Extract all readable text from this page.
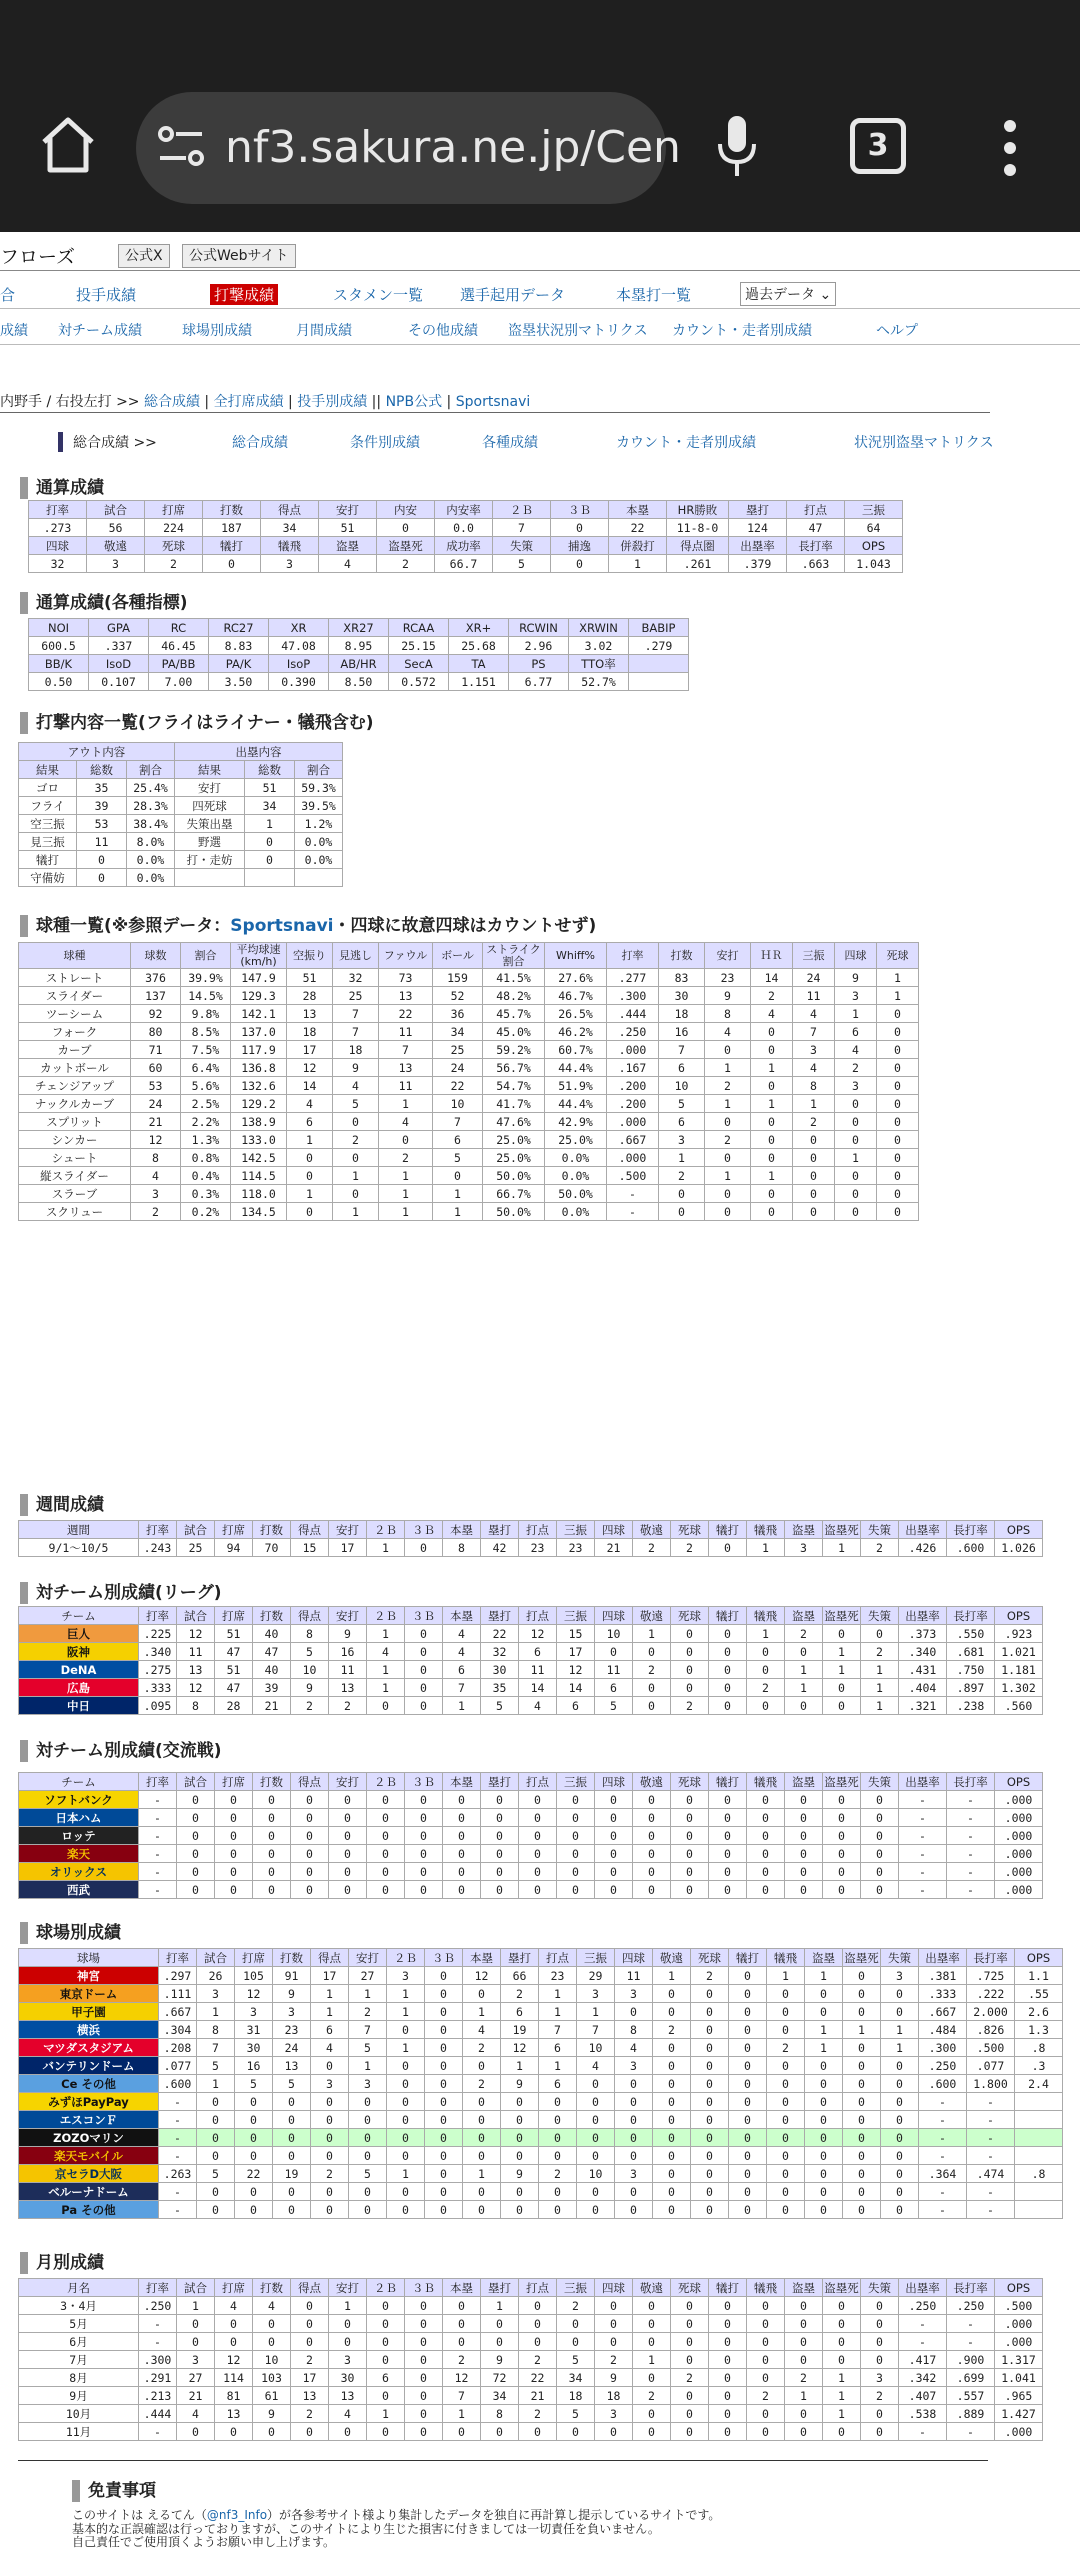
nf3.sakura.ne.jp/Cen	3
フローズ	公式X	公式Webサイト
内野手 / 右投左打 >> 総合成績 | 全打席成績 | 投手別成績 || NPB公式 | Sportsnavi
免責事項
このサイトは えるてん（@nf3_Info）が各参考サイト様より集計したデータを独自に再計算し提示しているサイトです。
基本的な正誤確認は行っておりますが、このサイトにより生じた損害に付きましては一切責任を負いません。
自己責任でご使用頂くようお願い申し上げます。
合	投手成績	打撃成績	スタメン一覧 選手起用データ	本塁打一覧	過去データ ⌄
成績 対チーム成績	球場別成績	月間成績	その他成績 盗塁状況別マトリクス カウント・走者別成績	ヘルプ
総合成績 >>	総合成績	条件別成績	各種成績	カウント・走者別成績	状況別盗塁マトリクス
通算成績
打率	試合	打席	打数	得点	安打	内安	内安率	２Ｂ	３Ｂ	本塁	HR勝敗	塁打	打点	三振
.273	56	224	187	34	51	0	0.0	7	0	22	11-8-0	124	47	64
四球	敬遠	死球	犠打	犠飛	盗塁	盗塁死	成功率	失策	捕逸	併殺打	得点圏	出塁率	長打率	OPS
32	3	2	0	3	4	2	66.7	5	0	1	.261	.379	.663	1.043
通算成績(各種指標)
NOI	GPA	RC	RC27	XR	XR27	RCAA	XR+	RCWIN	XRWIN	BABIP
600.5	.337	46.45	8.83	47.08	8.95	25.15	25.68	2.96	3.02	.279
BB/K	IsoD	PA/BB	PA/K	IsoP	AB/HR	SecA	TA	PS	TTO率	
0.50	0.107	7.00	3.50	0.390	8.50	0.572	1.151	6.77	52.7%	
打撃内容一覧(フライはライナー・犠飛含む)
アウト内容			出塁内容		
結果	総数	割合	結果	総数	割合
ゴロ	35	25.4%	安打	51	59.3%
フライ	39	28.3%	四死球	34	39.5%
空三振	53	38.4%	失策出塁	1	1.2%
見三振	11	8.0%	野選	0	0.0%
犠打	0	0.0%	打・走妨	0	0.0%
守備妨	0	0.0%			
球種一覧(※参照データ：Sportsnavi・四球に故意四球はカウントせず)
球種	球数	割合	平均球速(km/h)	空振り	見逃し	ファウル	ボール	ストライク割合	Whiff%	打率	打数	安打	ＨＲ	三振	四球	死球
ストレート	376	39.9%	147.9	51	32	73	159	41.5%	27.6%	.277	83	23	14	24	9	1
スライダー	137	14.5%	129.3	28	25	13	52	48.2%	46.7%	.300	30	9	2	11	3	1
ツーシーム	92	9.8%	142.1	13	7	22	36	45.7%	26.5%	.444	18	8	4	4	1	0
フォーク	80	8.5%	137.0	18	7	11	34	45.0%	46.2%	.250	16	4	0	7	6	0
カーブ	71	7.5%	117.9	17	18	7	25	59.2%	60.7%	.000	7	0	0	3	4	0
カットボール	60	6.4%	136.8	12	9	13	24	56.7%	44.4%	.167	6	1	1	4	2	0
チェンジアップ	53	5.6%	132.6	14	4	11	22	54.7%	51.9%	.200	10	2	0	8	3	0
ナックルカーブ	24	2.5%	129.2	4	5	1	10	41.7%	44.4%	.200	5	1	1	1	0	0
スプリット	21	2.2%	138.9	6	0	4	7	47.6%	42.9%	.000	6	0	0	2	0	0
シンカー	12	1.3%	133.0	1	2	0	6	25.0%	25.0%	.667	3	2	0	0	0	0
シュート	8	0.8%	142.5	0	0	2	5	25.0%	0.0%	.000	1	0	0	0	1	0
縦スライダー	4	0.4%	114.5	0	1	1	0	50.0%	0.0%	.500	2	1	1	0	0	0
スラーブ	3	0.3%	118.0	1	0	1	1	66.7%	50.0%	-	0	0	0	0	0	0
スクリュー	2	0.2%	134.5	0	1	1	1	50.0%	0.0%	-	0	0	0	0	0	0
週間成績
週間	打率	試合	打席	打数	得点	安打	２Ｂ	３Ｂ	本塁	塁打	打点	三振	四球	敬遠	死球	犠打	犠飛	盗塁	盗塁死	失策	出塁率	長打率	OPS
9/1〜10/5	.243	25	94	70	15	17	1	0	8	42	23	23	21	2	2	0	1	3	1	2	.426	.600	1.026
対チーム別成績(リーグ)
チーム	打率	試合	打席	打数	得点	安打	２Ｂ	３Ｂ	本塁	塁打	打点	三振	四球	敬遠	死球	犠打	犠飛	盗塁	盗塁死	失策	出塁率	長打率	OPS
巨人	.225	12	51	40	8	9	1	0	4	22	12	15	10	1	0	0	1	2	0	0	.373	.550	.923
阪神	.340	11	47	47	5	16	4	0	4	32	6	17	0	0	0	0	0	0	1	2	.340	.681	1.021
DeNA	.275	13	51	40	10	11	1	0	6	30	11	12	11	2	0	0	0	1	1	1	.431	.750	1.181
広島	.333	12	47	39	9	13	1	0	7	35	14	14	6	0	0	0	2	1	0	1	.404	.897	1.302
中日	.095	8	28	21	2	2	0	0	1	5	4	6	5	0	2	0	0	0	0	1	.321	.238	.560
対チーム別成績(交流戦)
チーム	打率	試合	打席	打数	得点	安打	２Ｂ	３Ｂ	本塁	塁打	打点	三振	四球	敬遠	死球	犠打	犠飛	盗塁	盗塁死	失策	出塁率	長打率	OPS
ソフトバンク	-	0	0	0	0	0	0	0	0	0	0	0	0	0	0	0	0	0	0	0	-	-	.000
日本ハム	-	0	0	0	0	0	0	0	0	0	0	0	0	0	0	0	0	0	0	0	-	-	.000
ロッテ	-	0	0	0	0	0	0	0	0	0	0	0	0	0	0	0	0	0	0	0	-	-	.000
楽天	-	0	0	0	0	0	0	0	0	0	0	0	0	0	0	0	0	0	0	0	-	-	.000
オリックス	-	0	0	0	0	0	0	0	0	0	0	0	0	0	0	0	0	0	0	0	-	-	.000
西武	-	0	0	0	0	0	0	0	0	0	0	0	0	0	0	0	0	0	0	0	-	-	.000
球場別成績
球場	打率	試合	打席	打数	得点	安打	２Ｂ	３Ｂ	本塁	塁打	打点	三振	四球	敬遠	死球	犠打	犠飛	盗塁	盗塁死	失策	出塁率	長打率	OPS
神宮	.297	26	105	91	17	27	3	0	12	66	23	29	11	1	2	0	1	1	0	3	.381	.725	1.1
東京ドーム	.111	3	12	9	1	1	1	0	0	2	1	3	3	0	0	0	0	0	0	0	.333	.222	.55
甲子園	.667	1	3	3	1	2	1	0	1	6	1	1	0	0	0	0	0	0	0	0	.667	2.000	2.6
横浜	.304	8	31	23	6	7	0	0	4	19	7	7	8	2	0	0	0	1	1	1	.484	.826	1.3
マツダスタジアム	.208	7	30	24	4	5	1	0	2	12	6	10	4	0	0	0	2	1	0	1	.300	.500	.8
バンテリンドーム	.077	5	16	13	0	1	0	0	0	1	1	4	3	0	0	0	0	0	0	0	.250	.077	.3
Ce その他	.600	1	5	5	3	3	0	0	2	9	6	0	0	0	0	0	0	0	0	0	.600	1.800	2.4
みずほPayPay	-	0	0	0	0	0	0	0	0	0	0	0	0	0	0	0	0	0	0	0	-	-	
エスコンＦ	-	0	0	0	0	0	0	0	0	0	0	0	0	0	0	0	0	0	0	0	-	-	
ZOZOマリン	-	0	0	0	0	0	0	0	0	0	0	0	0	0	0	0	0	0	0	0	-	-	
楽天モバイル	-	0	0	0	0	0	0	0	0	0	0	0	0	0	0	0	0	0	0	0	-	-	
京セラD大阪	.263	5	22	19	2	5	1	0	1	9	2	10	3	0	0	0	0	0	0	0	.364	.474	.8
ベルーナドーム	-	0	0	0	0	0	0	0	0	0	0	0	0	0	0	0	0	0	0	0	-	-	
Pa その他	-	0	0	0	0	0	0	0	0	0	0	0	0	0	0	0	0	0	0	0	-	-	
月別成績
月名	打率	試合	打席	打数	得点	安打	２Ｂ	３Ｂ	本塁	塁打	打点	三振	四球	敬遠	死球	犠打	犠飛	盗塁	盗塁死	失策	出塁率	長打率	OPS
3・4月	.250	1	4	4	0	1	0	0	0	1	0	2	0	0	0	0	0	0	0	0	.250	.250	.500
5月	-	0	0	0	0	0	0	0	0	0	0	0	0	0	0	0	0	0	0	0	-	-	.000
6月	-	0	0	0	0	0	0	0	0	0	0	0	0	0	0	0	0	0	0	0	-	-	.000
7月	.300	3	12	10	2	3	0	0	2	9	2	5	2	1	0	0	0	0	0	0	.417	.900	1.317
8月	.291	27	114	103	17	30	6	0	12	72	22	34	9	0	2	0	0	2	1	3	.342	.699	1.041
9月	.213	21	81	61	13	13	0	0	7	34	21	18	18	2	0	0	2	1	1	2	.407	.557	.965
10月	.444	4	13	9	2	4	1	0	1	8	2	5	3	0	0	0	0	0	1	0	.538	.889	1.427
11月	-	0	0	0	0	0	0	0	0	0	0	0	0	0	0	0	0	0	0	0	-	-	.000
